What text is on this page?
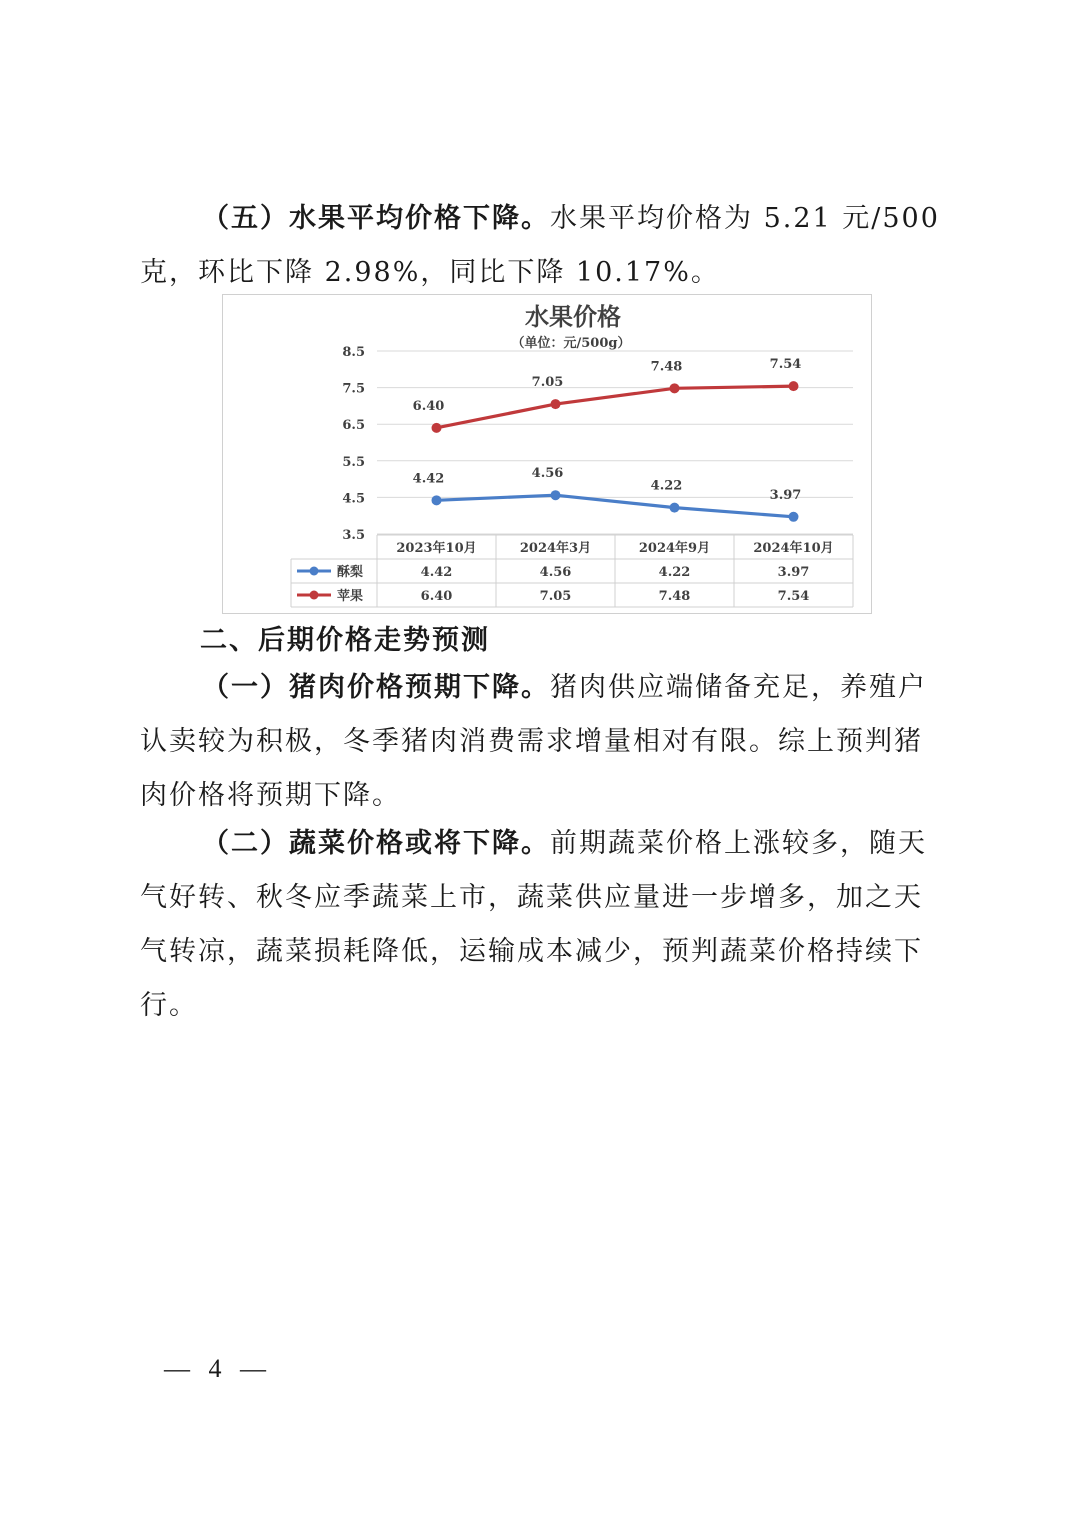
（五）水果平均价格下降。水果平均价格为 5.21 元/500 克，环比下降 2.98%，同比下降 10.17%。

水果价格
（单位：元/500g）
8.5
7.5
6.5
5.5
4.5
3.5
4.42	4.56
4.22
3.97
6.40
7.05
7.48	7.54
2023年10月	2024年3月	2024年9月	2024年10月
酥梨	4.42	4.56	4.22	3.97
苹果	6.40	7.05	7.48	7.54

二、后期价格走势预测

（一）猪肉价格预期下降。猪肉供应端储备充足，养殖户认卖较为积极，冬季猪肉消费需求增量相对有限。综上预判猪肉价格将预期下降。

（二）蔬菜价格或将下降。前期蔬菜价格上涨较多，随天气好转、秋冬应季蔬菜上市，蔬菜供应量进一步增多，加之天气转凉，蔬菜损耗降低，运输成本减少，预判蔬菜价格持续下行。

— 4 —
